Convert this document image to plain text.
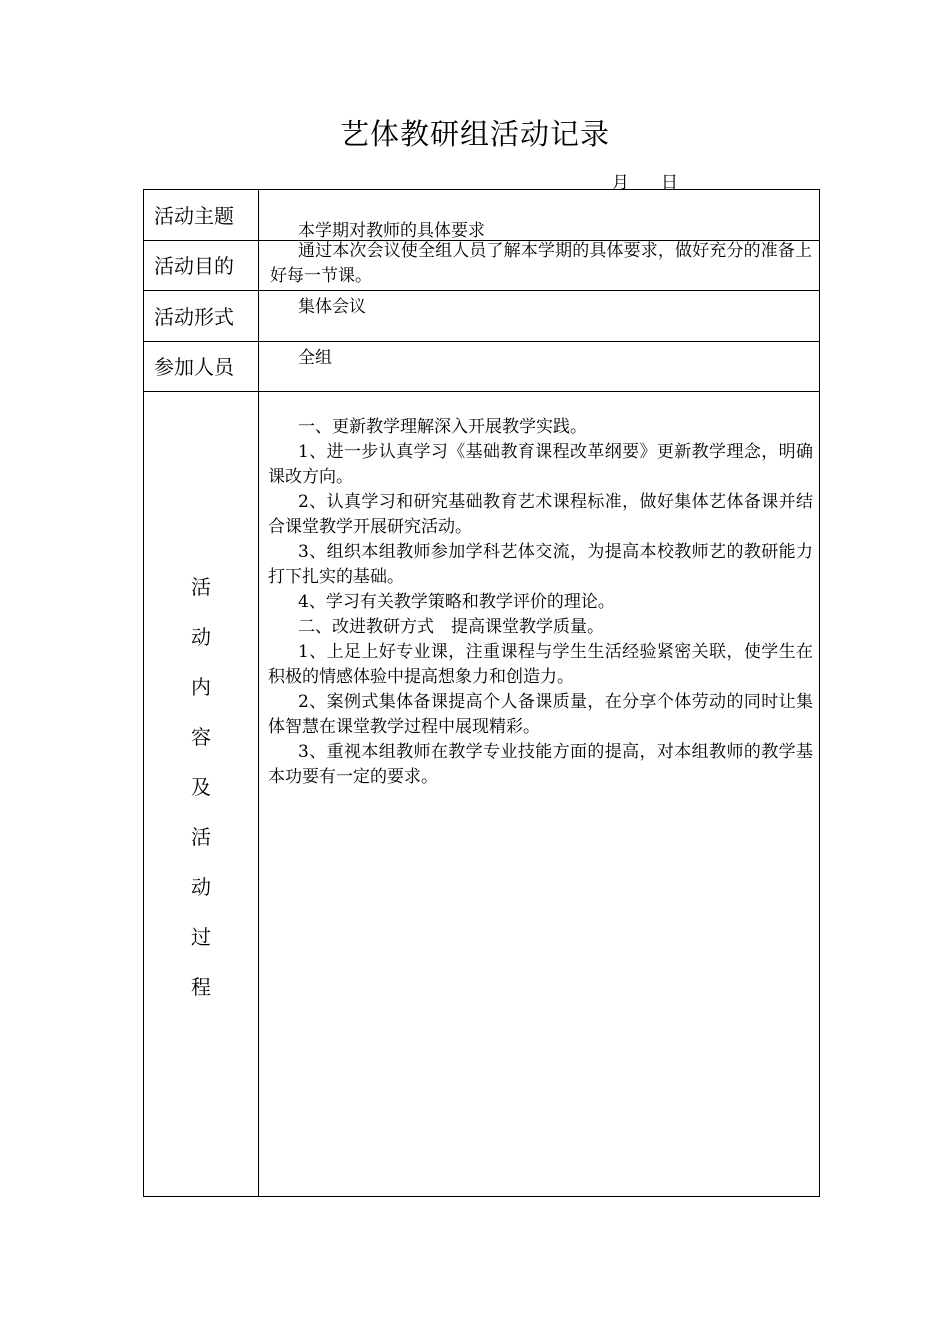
艺体教研组活动记录
月 日
活动主题
本学期对教师的具体要求
活动目的
通过本次会议使全组人员了解本学期的具体要求，做好充分的准备上好每一节课。
活动形式	集体会议
参加人员	全组
活
动
内
容
及
活
动
过
程

一、更新教学理解深入开展教学实践。

1、进一步认真学习《基础教育课程改革纲要》更新教学理念，明确课改方向。

2、认真学习和研究基础教育艺术课程标准，做好集体艺体备课并结合课堂教学开展研究活动。

3、组织本组教师参加学科艺体交流，为提高本校教师艺的教研能力打下扎实的基础。

4、学习有关教学策略和教学评价的理论。

二、改进教研方式　提高课堂教学质量。

1、上足上好专业课，注重课程与学生生活经验紧密关联，使学生在积极的情感体验中提高想象力和创造力。

2、案例式集体备课提高个人备课质量，在分享个体劳动的同时让集体智慧在课堂教学过程中展现精彩。

3、重视本组教师在教学专业技能方面的提高，对本组教师的教学基本功要有一定的要求。
